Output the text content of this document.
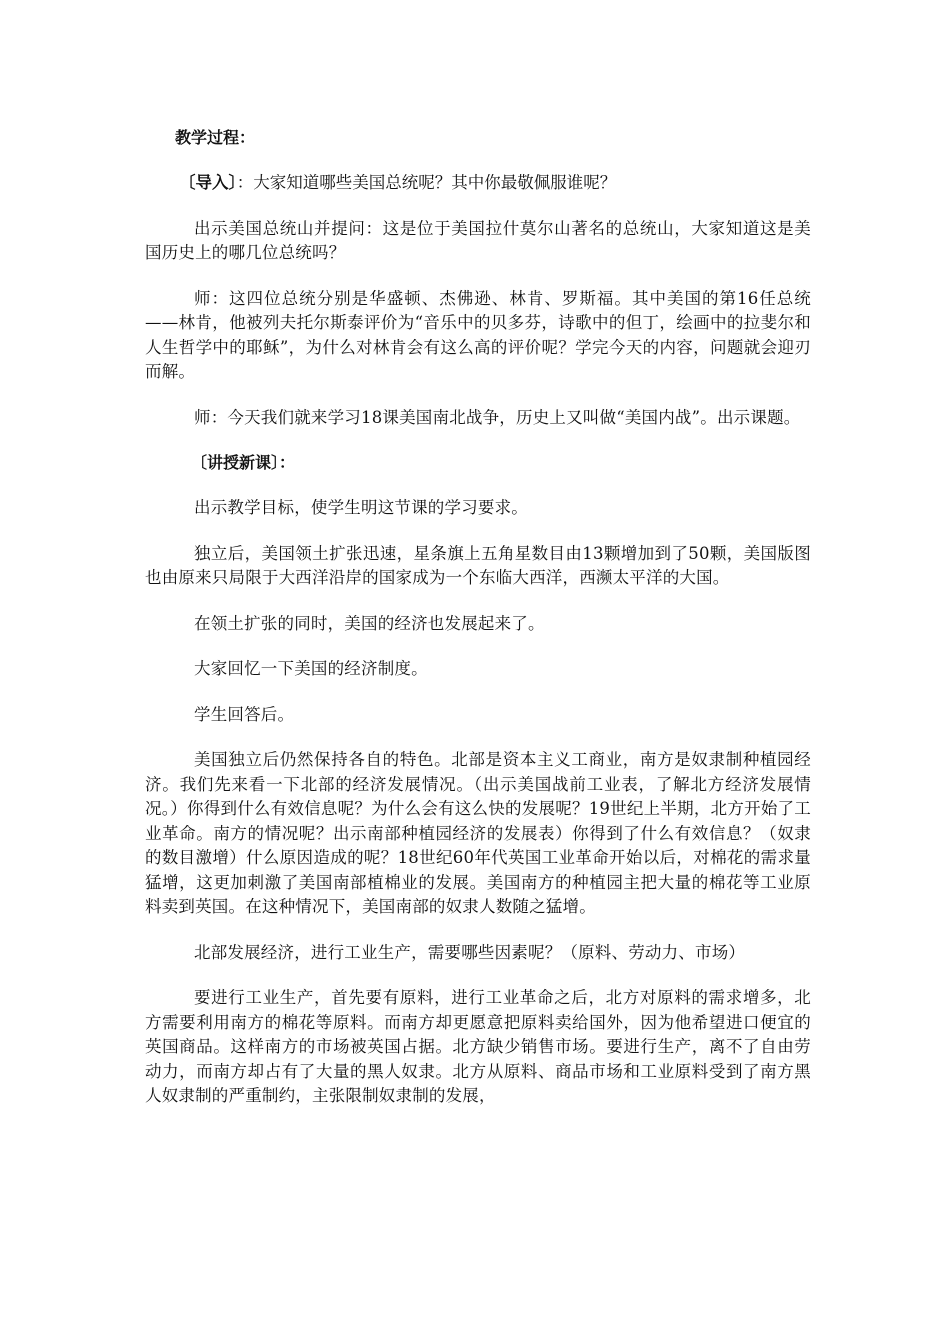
教学过程：

〔导入〕：大家知道哪些美国总统呢？其中你最敬佩服谁呢？

出示美国总统山并提问：这是位于美国拉什莫尔山著名的总统山，大家知道这是美国历史上的哪几位总统吗？

师：这四位总统分别是华盛顿、杰佛逊、林肯、罗斯福。其中美国的第16任总统——林肯，他被列夫托尔斯泰评价为“音乐中的贝多芬，诗歌中的但丁，绘画中的拉斐尔和人生哲学中的耶稣”，为什么对林肯会有这么高的评价呢？学完今天的内容，问题就会迎刃而解。

师：今天我们就来学习18课美国南北战争，历史上又叫做“美国内战”。出示课题。

〔讲授新课〕：

出示教学目标，使学生明这节课的学习要求。

独立后，美国领土扩张迅速，星条旗上五角星数目由13颗增加到了50颗，美国版图也由原来只局限于大西洋沿岸的国家成为一个东临大西洋，西濒太平洋的大国。

在领土扩张的同时，美国的经济也发展起来了。

大家回忆一下美国的经济制度。

学生回答后。

美国独立后仍然保持各自的特色。北部是资本主义工商业，南方是奴隶制种植园经济。我们先来看一下北部的经济发展情况。（出示美国战前工业表，了解北方经济发展情况。）你得到什么有效信息呢？为什么会有这么快的发展呢？19世纪上半期，北方开始了工业革命。南方的情况呢？出示南部种植园经济的发展表）你得到了什么有效信息？（奴隶的数目激增）什么原因造成的呢？18世纪60年代英国工业革命开始以后，对棉花的需求量猛增，这更加刺激了美国南部植棉业的发展。美国南方的种植园主把大量的棉花等工业原料卖到英国。在这种情况下，美国南部的奴隶人数随之猛增。

北部发展经济，进行工业生产，需要哪些因素呢？（原料、劳动力、市场）

要进行工业生产，首先要有原料，进行工业革命之后，北方对原料的需求增多，北方需要利用南方的棉花等原料。而南方却更愿意把原料卖给国外，因为他希望进口便宜的英国商品。这样南方的市场被英国占据。北方缺少销售市场。要进行生产，离不了自由劳动力，而南方却占有了大量的黑人奴隶。北方从原料、商品市场和工业原料受到了南方黑人奴隶制的严重制约，主张限制奴隶制的发展，
